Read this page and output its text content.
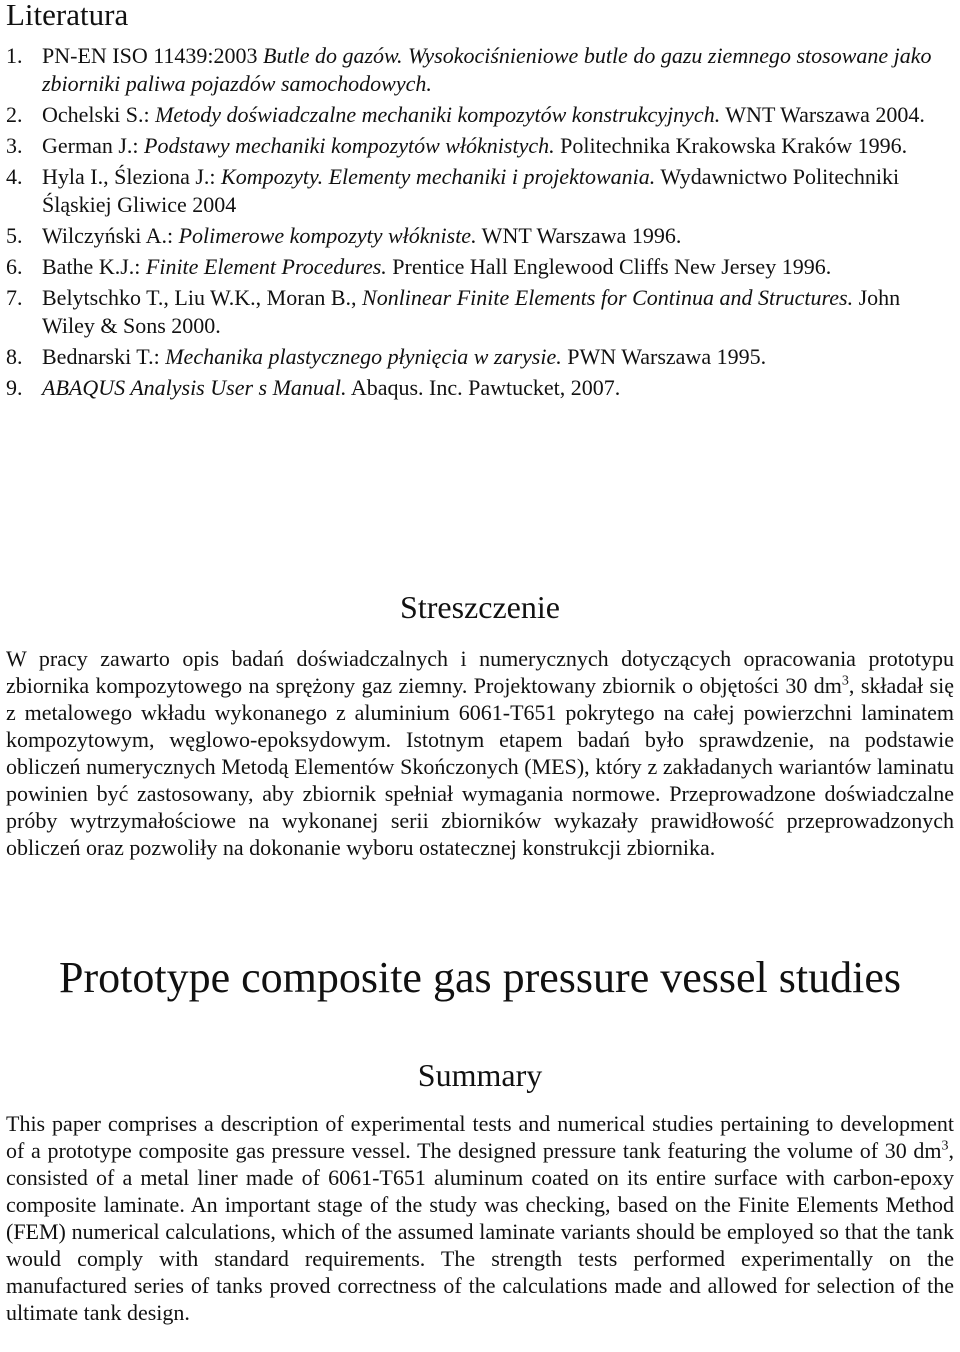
Literatura
1. PN-EN ISO 11439:2003 Butle do gazów. Wysokociśnieniowe butle do gazu ziemnego stosowane jako zbiorniki paliwa pojazdów samochodowych.
2. Ochelski S.: Metody doświadczalne mechaniki kompozytów konstrukcyjnych. WNT Warszawa 2004.
3. German J.: Podstawy mechaniki kompozytów włóknistych. Politechnika Krakowska Kraków 1996.
4. Hyla I., Śleziona J.: Kompozyty. Elementy mechaniki i projektowania. Wydawnictwo Politechniki Śląskiej Gliwice 2004
5. Wilczyński A.: Polimerowe kompozyty włókniste. WNT Warszawa 1996.
6. Bathe K.J.: Finite Element Procedures. Prentice Hall Englewood Cliffs New Jersey 1996.
7. Belytschko T., Liu W.K., Moran B., Nonlinear Finite Elements for Continua and Structures. John Wiley & Sons 2000.
8. Bednarski T.: Mechanika plastycznego płynięcia w zarysie. PWN Warszawa 1995.
9. ABAQUS Analysis User s Manual. Abaqus. Inc. Pawtucket, 2007.
Streszczenie

W pracy zawarto opis badań doświadczalnych i numerycznych dotyczących opracowania prototypu zbiornika kompozytowego na sprężony gaz ziemny. Projektowany zbiornik o objętości 30 $dm^3$, składał się z metalowego wkładu wykonanego z aluminium 6061-T651 pokrytego na całej powierzchni laminatem kompozytowym, węglowo-epoksydowym. Istotnym etapem badań było sprawdzenie, na podstawie obliczeń numerycznych Metodą Elementów Skończonych (MES), który z zakładanych wariantów laminatu powinien być zastosowany, aby zbiornik spełniał wymagania normowe. Przeprowadzone doświadczalne próby wytrzymałościowe na wykonanej serii zbiorników wykazały prawidłowość przeprowadzonych obliczeń oraz pozwoliły na dokonanie wyboru ostatecznej konstrukcji zbiornika.

Prototype composite gas pressure vessel studies
Summary

This paper comprises a description of experimental tests and numerical studies pertaining to development of a prototype composite gas pressure vessel. The designed pressure tank featuring the volume of 30 $dm^3$, consisted of a metal liner made of 6061-T651 aluminum coated on its entire surface with carbon-epoxy composite laminate. An important stage of the study was checking, based on the Finite Elements Method (FEM) numerical calculations, which of the assumed laminate variants should be employed so that the tank would comply with standard requirements. The strength tests performed experimentally on the manufactured series of tanks proved correctness of the calculations made and allowed for selection of the ultimate tank design.
